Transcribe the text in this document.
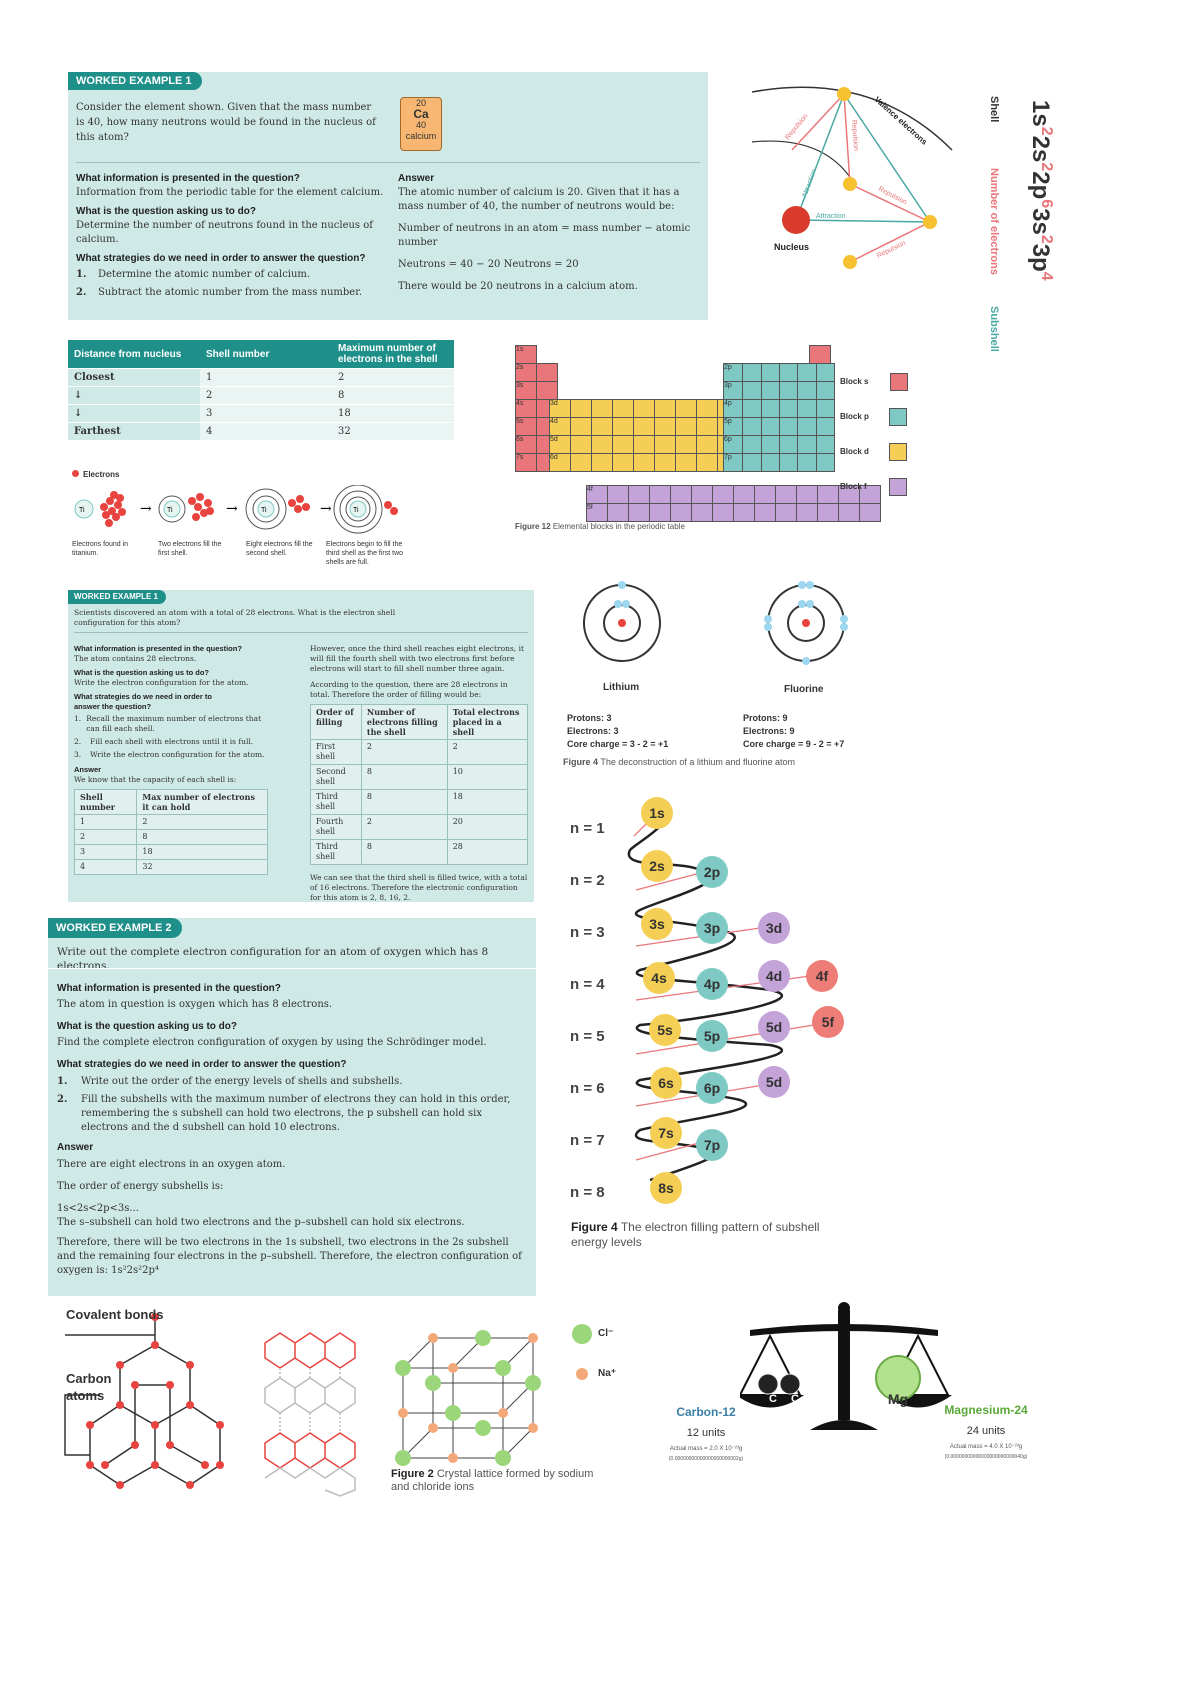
WORKED EXAMPLE 1
Consider the element shown. Given that the mass number is 40, how many neutrons would be found in the nucleus of this atom?
20
Ca
40
calcium
What information is presented in the question?
Information from the periodic table for the element calcium.
What is the question asking us to do?
Determine the number of neutrons found in the nucleus of calcium.
What strategies do we need in order to answer the question?
1.	Determine the atomic number of calcium.
2.	Subtract the atomic number from the mass number.
Answer
The atomic number of calcium is 20. Given that it has a mass number of 40, the number of neutrons would be:
Number of neutrons in an atom = mass number − atomic number
Neutrons = 40 − 20 Neutrons = 20
There would be 20 neutrons in a calcium atom.
Nucleus
Valence electrons
Repulsion	Repulsion
Repulsion
Repulsion
Attraction
Attraction
$1s^22s^22p^63s^23p^4$
Shell
Number of electrons
Subshell
Distance from nucleus	Shell number	Maximum number of electrons in the shell
Closest	1	2
↓	2	8
↓	3	18
Farthest	4	32
Electrons
Ti	→ Ti	→	Ti	→	Ti
Electrons found in titanium.
Two electrons fill the first shell.
Eight electrons fill the second shell.
Electrons begin to fill the third shell as the first two shells are full.
1s
2s	
3s	
4s	
5s	
6s	
7s	
3d									
4d									
5d									
6d									
2p					
3p					
4p					
5p					
6p					
7p					
4f													
5f													
Block s
Block p
Block d
Block f
Figure 12 Elemental blocks in the periodic table
WORKED EXAMPLE 1
Scientists discovered an atom with a total of 28 electrons. What is the electron shell configuration for this atom?
What information is presented in the question?
The atom contains 28 electrons.
What is the question asking us to do?
Write the electron configuration for the atom.
What strategies do we need in order to answer the question?
1. Recall the maximum number of electrons that can fill each shell.
2.	Fill each shell with electrons until it is full.
3.	Write the electron configuration for the atom.
Answer
We know that the capacity of each shell is:
Shell number	Max number of electrons it can hold
1	2
2	8
3	18
4	32
However, once the third shell reaches eight electrons, it will fill the fourth shell with two electrons first before electrons will start to fill shell number three again.
According to the question, there are 28 electrons in total. Therefore the order of filling would be:
Order of filling	Number of electrons filling the shell	Total electrons placed in a shell
First shell	2	2
Second shell	8	10
Third shell	8	18
Fourth shell	2	20
Third shell	8	28
We can see that the third shell is filled twice, with a total of 16 electrons. Therefore the electronic configuration for this atom is 2, 8, 16, 2.
Lithium	Fluorine
Protons: 3
Electrons: 3
Core charge = 3 - 2 = +1
Protons: 9
Electrons: 9
Core charge = 9 - 2 = +7
Figure 4 The deconstruction of a lithium and fluorine atom
WORKED EXAMPLE 2
Write out the complete electron configuration for an atom of oxygen which has 8 electrons.
What information is presented in the question?
The atom in question is oxygen which has 8 electrons.
What is the question asking us to do?
Find the complete electron configuration of oxygen by using the Schrödinger model.
What strategies do we need in order to answer the question?
1.	Write out the order of the energy levels of shells and subshells.
2.	Fill the subshells with the maximum number of electrons they can hold in this order, remembering the s subshell can hold two electrons, the p subshell can hold six electrons and the d subshell can hold 10 electrons.
Answer
There are eight electrons in an oxygen atom.
The order of energy subshells is:
1s<2s<2p<3s...
The s–subshell can hold two electrons and the p–subshell can hold six electrons.
Therefore, there will be two electrons in the 1s subshell, two electrons in the 2s subshell and the remaining four electrons in the p–subshell. Therefore, the electron configuration of oxygen is: 1s²2s²2p⁴
n = 1
n = 2
n = 3
n = 4
n = 5
n = 6
n = 7
n = 8
1s
2s	2p
3s	3p	3d
4s	4p	4d	4f
5s	5p
5d	5f
6s	6p	5d
7s
7p
8s
Figure 4 The electron filling pattern of subshell energy levels
Covalent bonds
Carbon atoms
Cl⁻
Na⁺
Figure 2 Crystal lattice formed by sodium and chloride ions
C	C	Mg
Carbon-12
12 units
Actual mass = 2.0 X 10⁻²³g
(0.00000000000000000000002g)
Magnesium-24
24 units
Actual mass = 4.0 X 10⁻²³g
(0.00000000000000000000000040g)
